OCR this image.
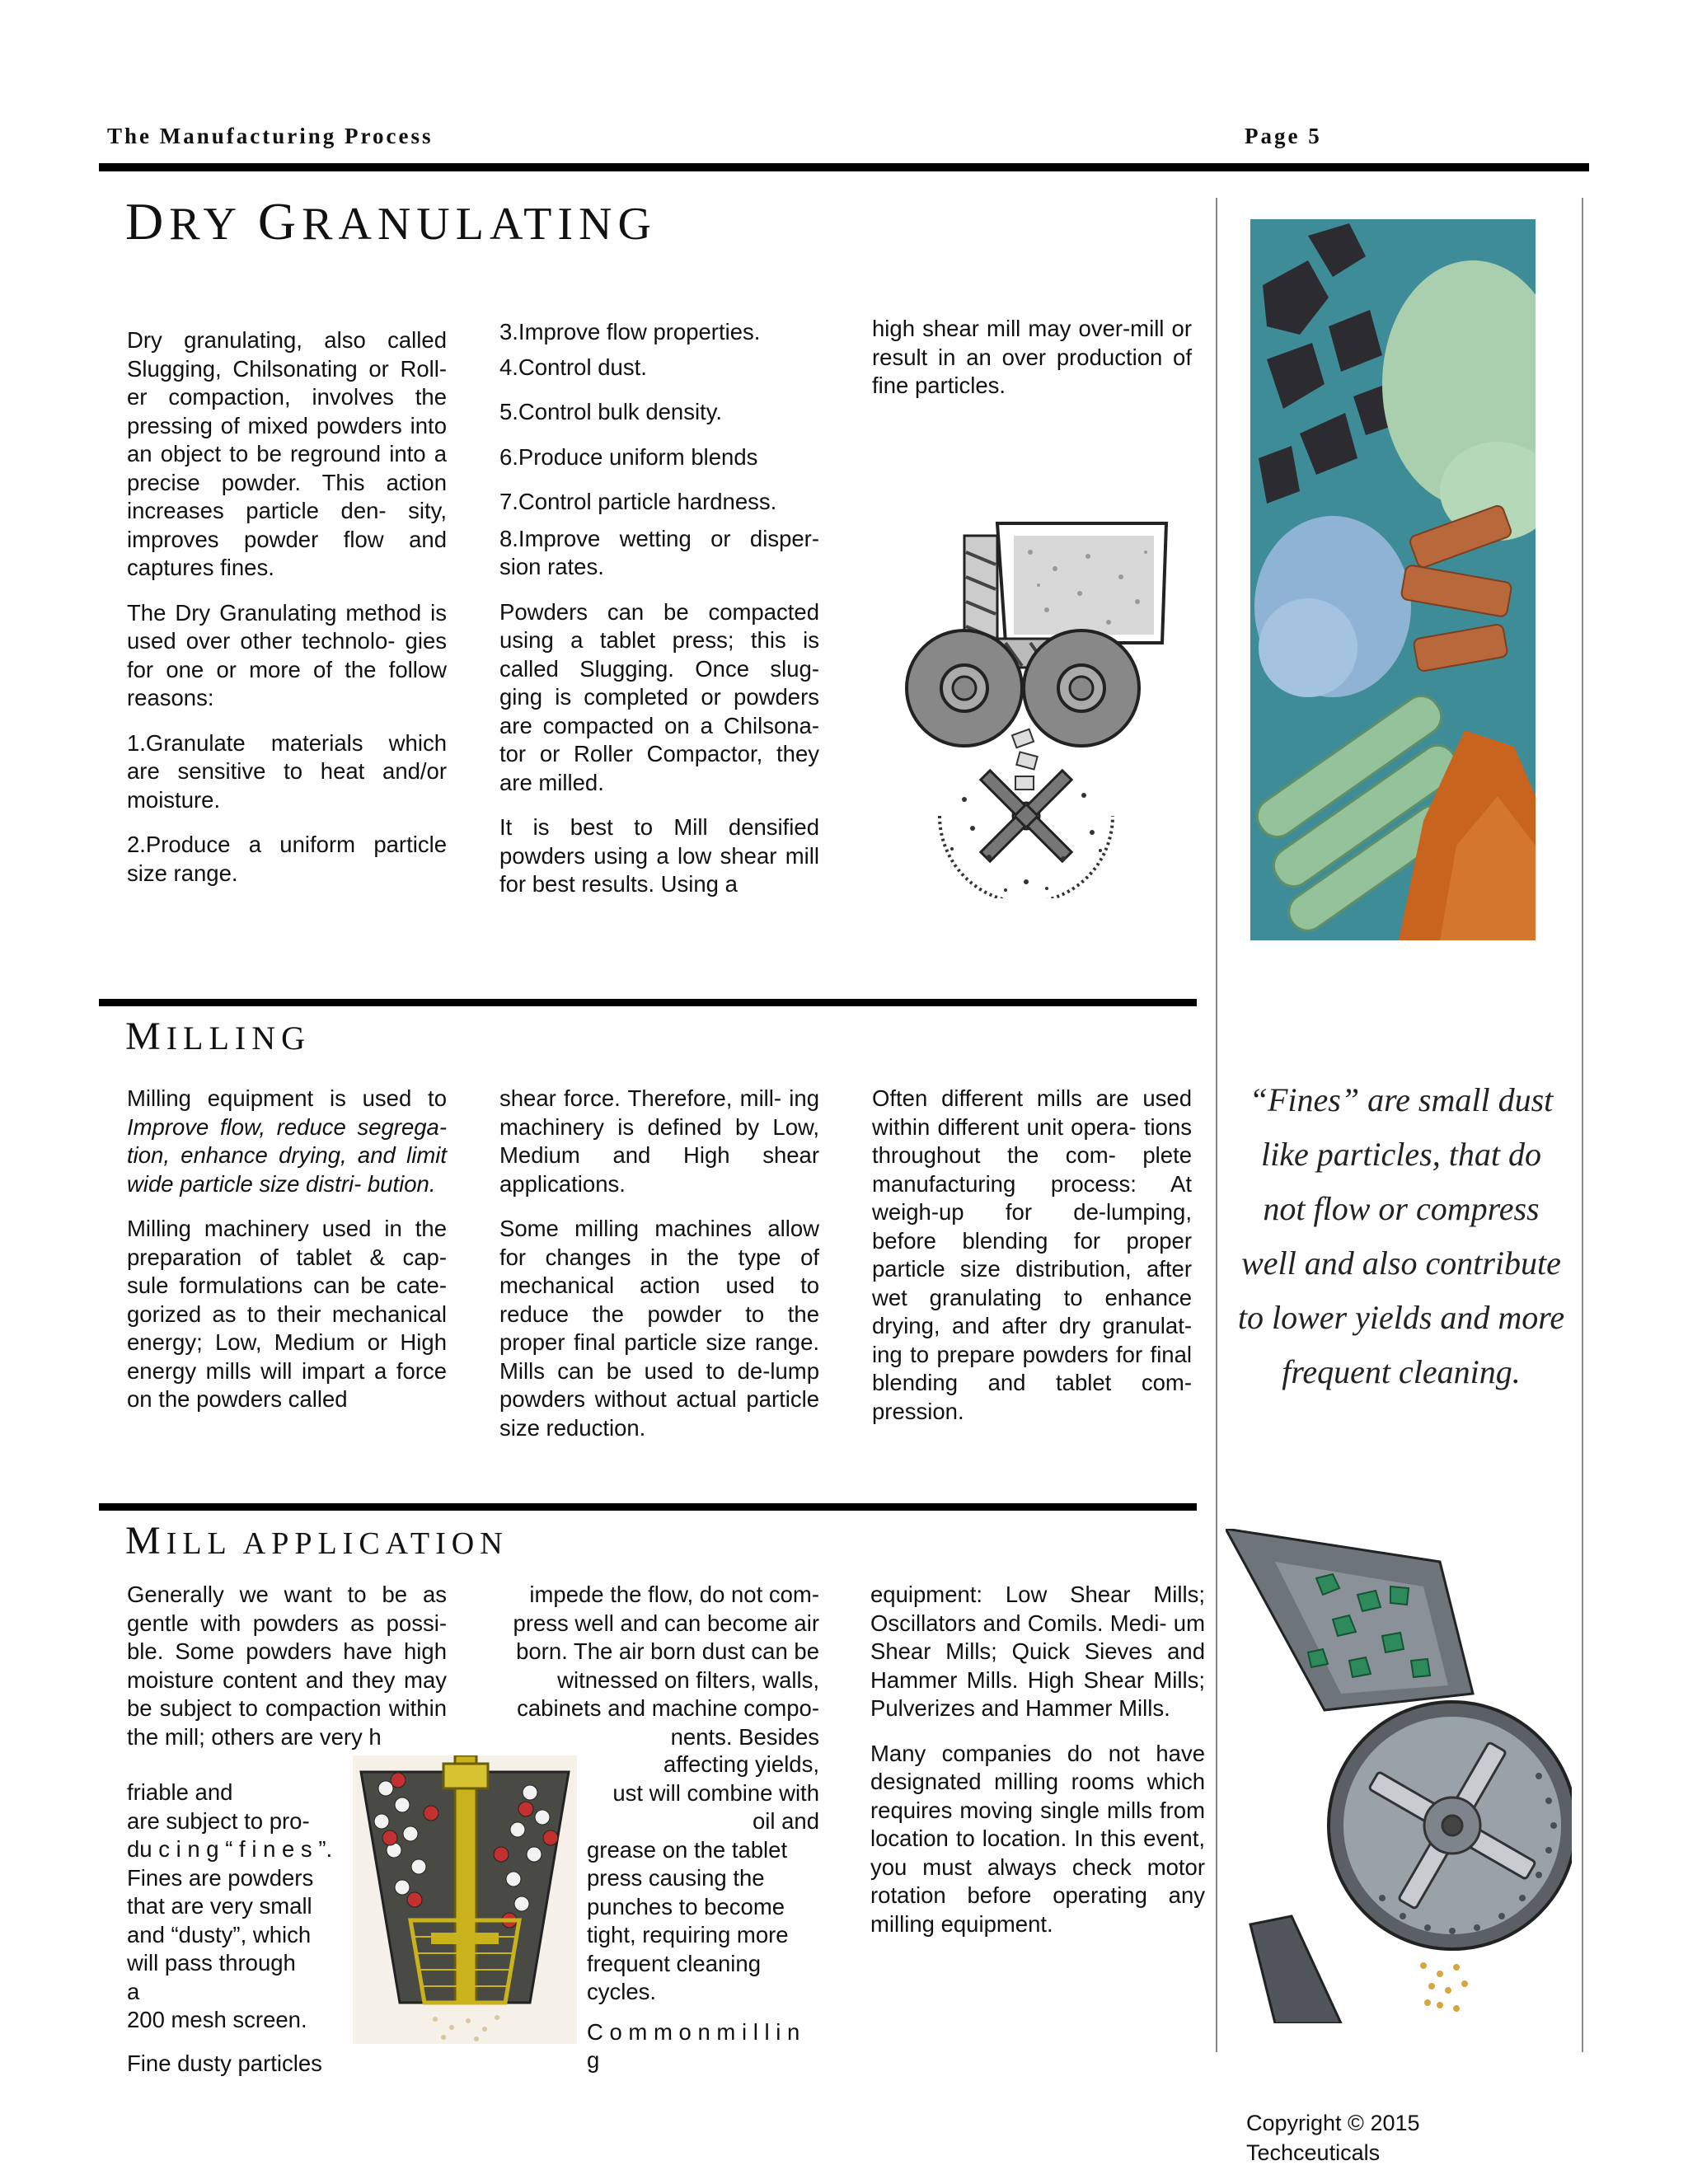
The Manufacturing Process	Page 5
DRY GRANULATING

Dry granulating, also called Slugging, Chilsonating or Roll- er compaction, involves the pressing of mixed powders into an object to be reground into a precise powder. This action increases particle den- sity, improves powder flow and captures fines.

The Dry Granulating method is used over other technolo- gies for one or more of the follow reasons:

1.Granulate materials which are sensitive to heat and/or moisture.

2.Produce a uniform particle size range.

3.Improve flow properties.

4.Control dust.

5.Control bulk density.

6.Produce uniform blends

7.Control particle hardness.

8.Improve wetting or disper- sion rates.

Powders can be compacted using a tablet press; this is called Slugging. Once slug- ging is completed or powders are compacted on a Chilsona- tor or Roller Compactor, they are milled.

It is best to Mill densified powders using a low shear mill for best results. Using a

high shear mill may over-mill or result in an over production of fine particles.

MILLING

Milling equipment is used to Improve flow, reduce segrega- tion, enhance drying, and limit wide particle size distri- bution.

Milling machinery used in the preparation of tablet & cap- sule formulations can be cate- gorized as to their mechanical energy; Low, Medium or High energy mills will impart a force on the powders called

shear force. Therefore, mill- ing machinery is defined by Low, Medium and High shear applications.

Some milling machines allow for changes in the type of mechanical action used to reduce the powder to the proper final particle size range. Mills can be used to de-lump powders without actual particle size reduction.

Often different mills are used within different unit opera- tions throughout the com- plete manufacturing process: At weigh-up for de-lumping, before blending for proper particle size distribution, after wet granulating to enhance drying, and after dry granulat- ing to prepare powders for final blending and tablet com- pression.

“Fines” are small dust like particles, that do not flow or compress well and also contribute to lower yields and more frequent cleaning.
MILL APPLICATION

Generally we want to be as gentle with powders as possi- ble. Some powders have high moisture content and they may be subject to compaction within the mill; others are very h

friable and
are subject to pro-
du c i n g “ f i n e s ”.
Fines are powders
that are very small
and “dusty”, which
will pass through
a
200 mesh screen.
Fine dusty particles

impede the flow, do not com- press well and can become air born. The air born dust can be witnessed on filters, walls, cabinets and machine compo- nents. Besides

affecting yields,
ust will combine with
oil and
grease on the tablet
press causing the
punches to become
tight, requiring more
frequent cleaning
cycles.
C o m m o n m i l l i n
g

equipment: Low Shear Mills; Oscillators and Comils. Medi- um Shear Mills; Quick Sieves and Hammer Mills. High Shear Mills; Pulverizes and Hammer Mills.

Many companies do not have designated milling rooms which requires moving single mills from location to location. In this event, you must always check motor rotation before operating any milling equipment.

Copyright © 2015
Techceuticals
